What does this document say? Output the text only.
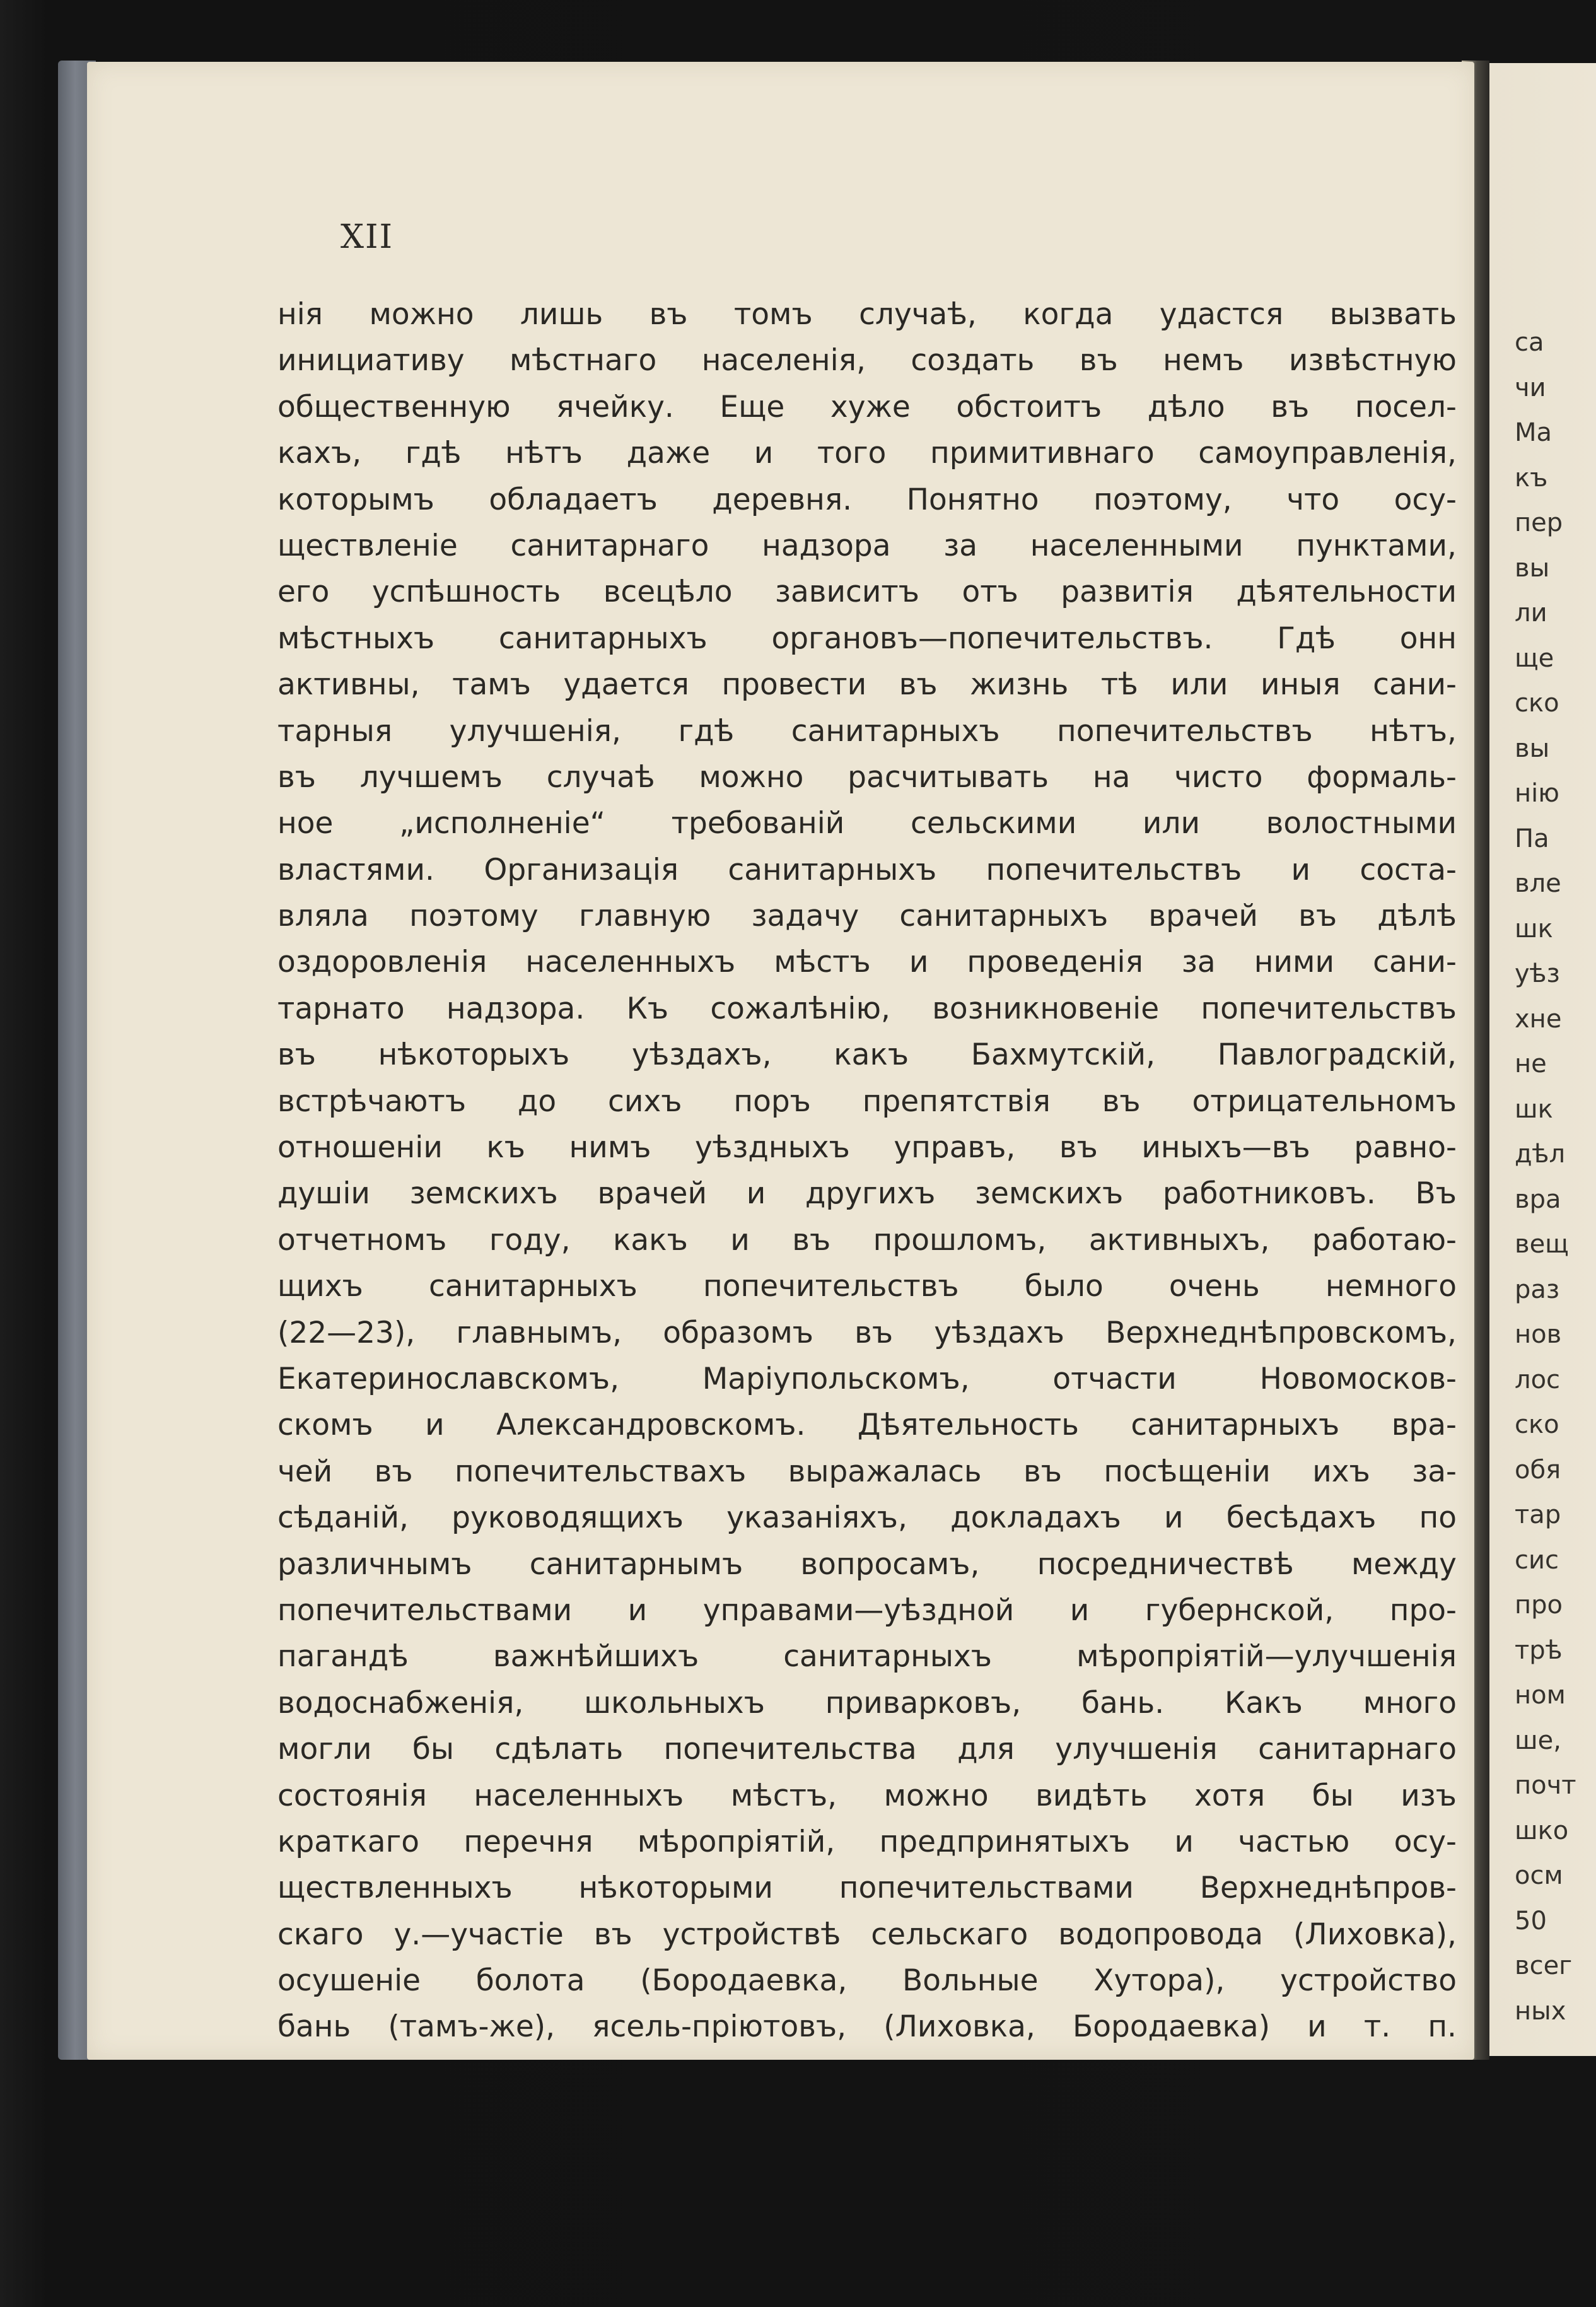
са
чи
Ма
къ
пер
вы
ли
ще
ско
вы
нію
Па
вле
шк
уѣз
хне
не
шк
дѣл
вра
вещ
раз
нов
лос
ско
обя
тар
сис
про
трѣ
ном
ше,
почт
шко
осм
50
всег
ных
XII
нія можно лишь въ томъ случаѣ, когда удастся вызвать
инициативу мѣстнаго населенія, создать въ немъ извѣстную
общественную ячейку. Еще хуже обстоитъ дѣло въ посел-
кахъ, гдѣ нѣтъ даже и того примитивнаго самоуправленія,
которымъ обладаетъ деревня. Понятно поэтому, что осу-
ществленіе санитарнаго надзора за населенными пунктами,
его успѣшность всецѣло зависитъ отъ развитія дѣятельности
мѣстныхъ санитарныхъ органовъ—попечительствъ. Гдѣ онн
активны, тамъ удается провести въ жизнь тѣ или иныя сани-
тарныя улучшенія, гдѣ санитарныхъ попечительствъ нѣтъ,
въ лучшемъ случаѣ можно расчитывать на чисто формаль-
ное „исполненіе“ требованій сельскими или волостными
властями. Организація санитарныхъ попечительствъ и соста-
вляла поэтому главную задачу санитарныхъ врачей въ дѣлѣ
оздоровленія населенныхъ мѣстъ и проведенія за ними сани-
тарнато надзора. Къ сожалѣнію, возникновеніе попечительствъ
въ нѣкоторыхъ уѣздахъ, какъ Бахмутскій, Павлоградскій,
встрѣчаютъ до сихъ поръ препятствія въ отрицательномъ
отношеніи къ нимъ уѣздныхъ управъ, въ иныхъ—въ равно-
душіи земскихъ врачей и другихъ земскихъ работниковъ. Въ
отчетномъ году, какъ и въ прошломъ, активныхъ, работаю-
щихъ санитарныхъ попечительствъ было очень немного
(22—23), главнымъ, образомъ въ уѣздахъ Верхнеднѣпровскомъ,
Екатеринославскомъ, Маріупольскомъ, отчасти Новомосков-
скомъ и Александровскомъ. Дѣятельность санитарныхъ вра-
чей въ попечительствахъ выражалась въ посѣщеніи ихъ за-
сѣданій, руководящихъ указаніяхъ, докладахъ и бесѣдахъ по
различнымъ санитарнымъ вопросамъ, посредничествѣ между
попечительствами и управами—уѣздной и губернской, про-
пагандѣ важнѣйшихъ санитарныхъ мѣропріятій—улучшенія
водоснабженія, школьныхъ приварковъ, бань. Какъ много
могли бы сдѣлать попечительства для улучшенія санитарнаго
состоянія населенныхъ мѣстъ, можно видѣть хотя бы изъ
краткаго перечня мѣропріятій, предпринятыхъ и частью осу-
ществленныхъ нѣкоторыми попечительствами Верхнеднѣпров-
скаго у.—участіе въ устройствѣ сельскаго водопровода (Лиховка),
осушеніе болота (Бородаевка, Вольные Хутора), устройство
бань (тамъ-же), ясель-пріютовъ, (Лиховка, Бородаевка) и т. п.
